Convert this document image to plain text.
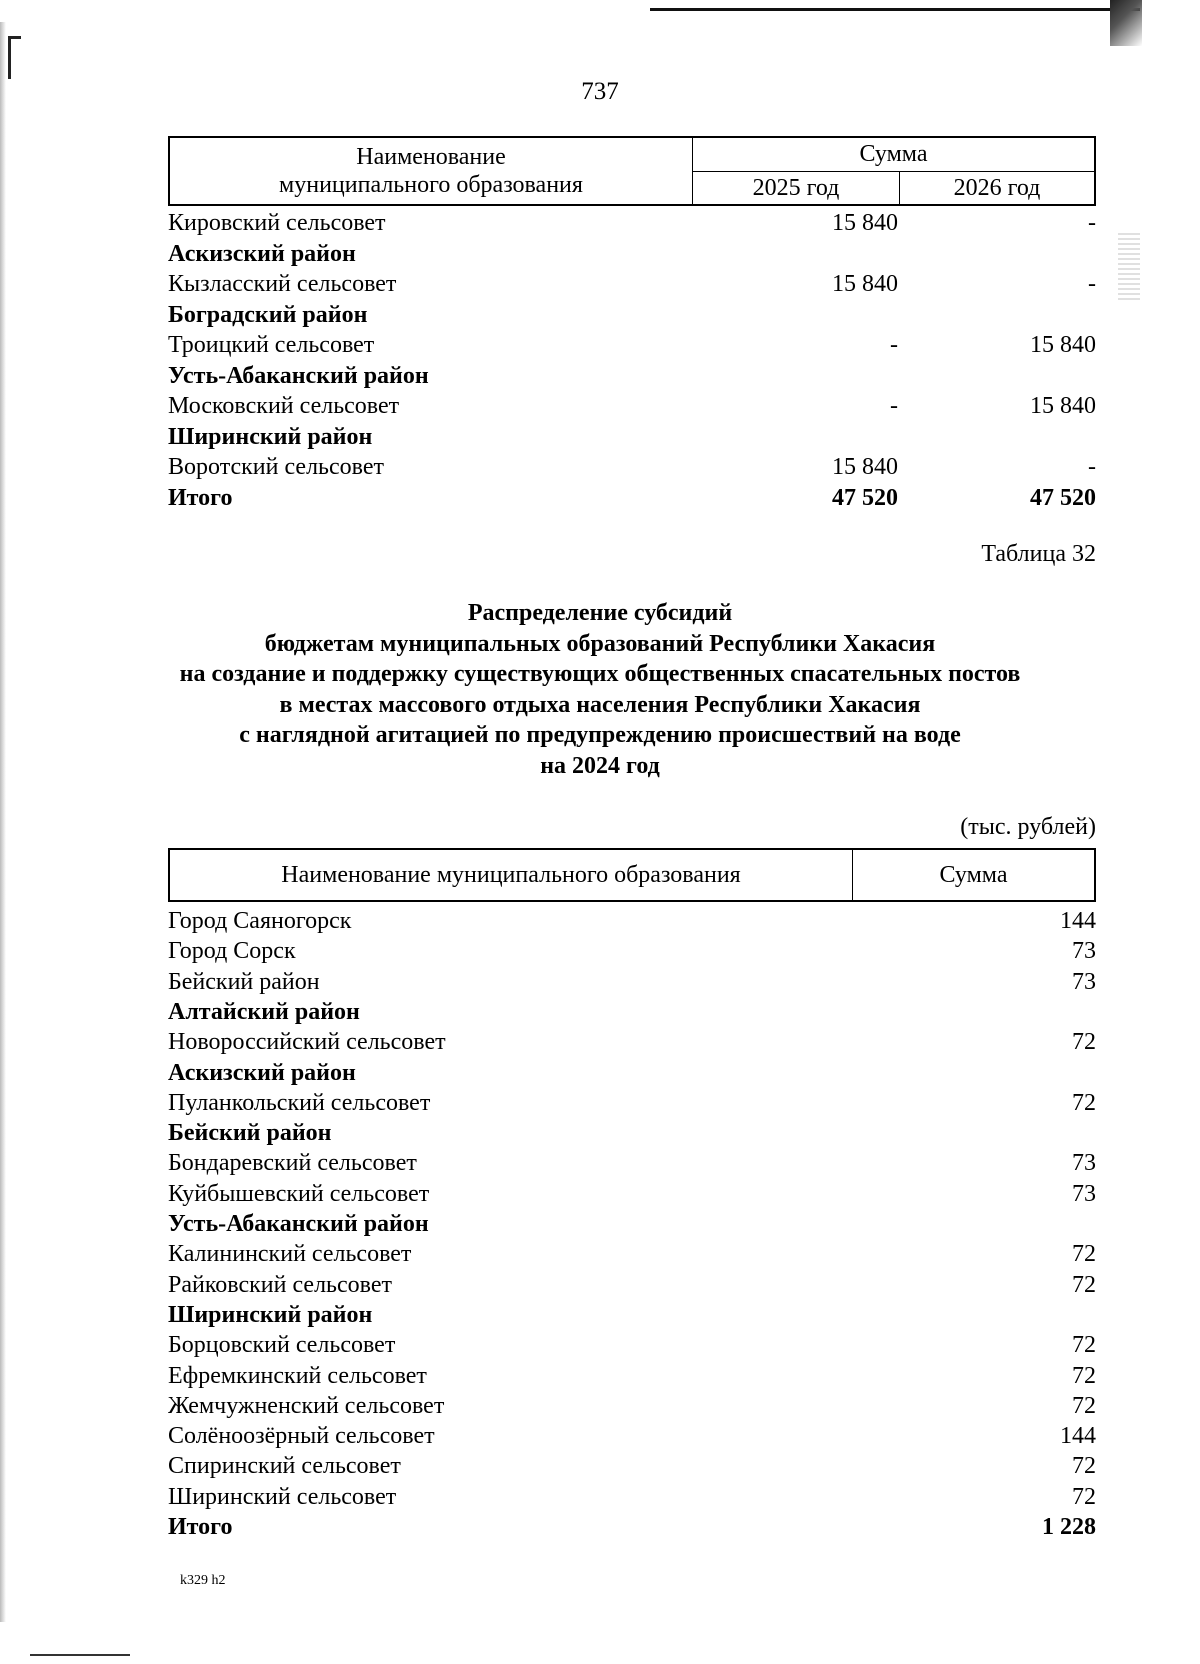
737
Наименование
муниципального образования	Сумма	
	2025 год	2026 год
Кировский сельсовет	15 840	-
Аскизский район
Кызласский сельсовет	15 840	-
Боградский район
Троицкий сельсовет	-	15 840
Усть-Абаканский район
Московский сельсовет	-	15 840
Ширинский район
Воротский сельсовет	15 840	-
Итого	47 520	47 520
Таблица 32
Распределение субсидий
бюджетам муниципальных образований Республики Хакасия
на создание и поддержку существующих общественных спасательных постов
в местах массового отдыха населения Республики Хакасия
с наглядной агитацией по предупреждению происшествий на воде
на 2024 год
(тыс. рублей)
Наименование муниципального образования	Сумма
Город Саяногорск	144
Город Сорск	73
Бейский район	73
Алтайский район
Новороссийский сельсовет	72
Аскизский район
Пуланкольский сельсовет	72
Бейский район
Бондаревский сельсовет	73
Куйбышевский сельсовет	73
Усть-Абаканский район
Калининский сельсовет	72
Райковский сельсовет	72
Ширинский район
Борцовский сельсовет	72
Ефремкинский сельсовет	72
Жемчужненский сельсовет	72
Солёноозёрный сельсовет	144
Спиринский сельсовет	72
Ширинский сельсовет	72
Итого	1 228
k329 h2
